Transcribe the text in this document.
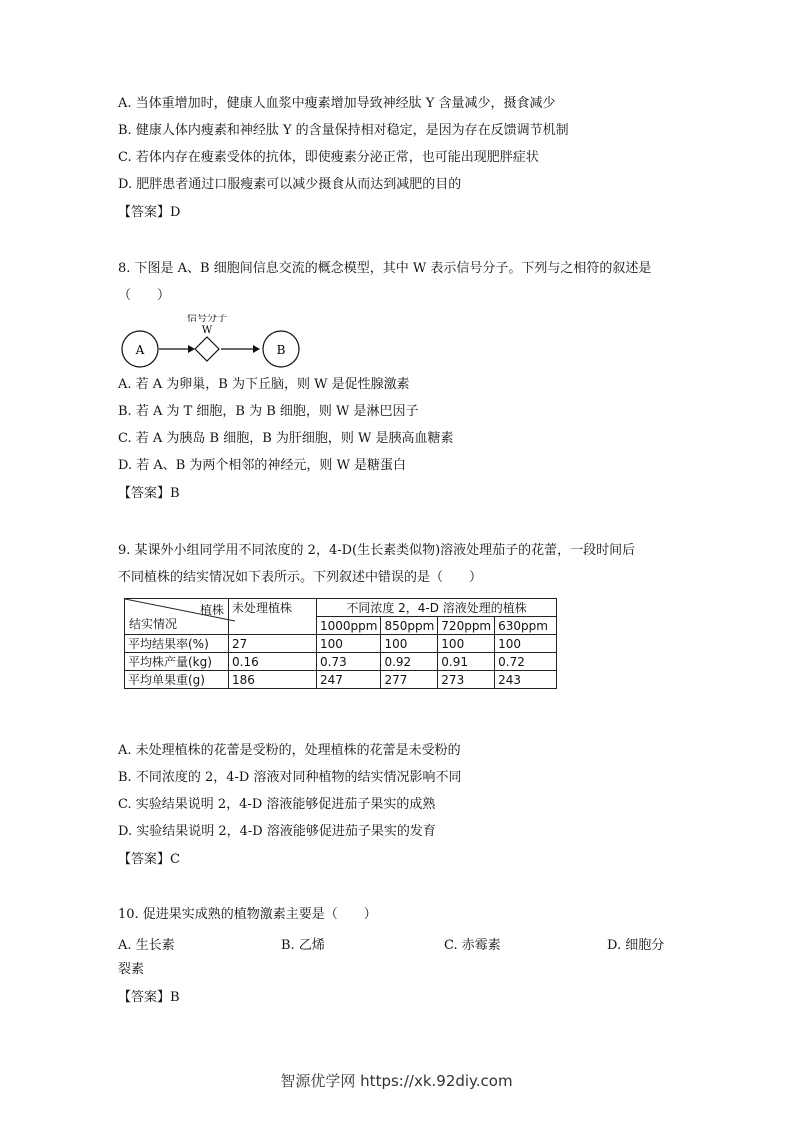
A. 当体重增加时，健康人血浆中瘦素增加导致神经肽 Y 含量减少，摄食减少
B. 健康人体内瘦素和神经肽 Y 的含量保持相对稳定，是因为存在反馈调节机制
C. 若体内存在瘦素受体的抗体，即使瘦素分泌正常，也可能出现肥胖症状
D. 肥胖患者通过口服瘦素可以减少摄食从而达到减肥的目的
【答案】D
8. 下图是 A、B 细胞间信息交流的概念模型，其中 W 表示信号分子。下列与之相符的叙述是
（　　）
A
信号分子
W
B
A. 若 A 为卵巢，B 为下丘脑，则 W 是促性腺激素
B. 若 A 为 T 细胞，B 为 B 细胞，则 W 是淋巴因子
C. 若 A 为胰岛 B 细胞，B 为肝细胞，则 W 是胰高血糖素
D. 若 A、B 为两个相邻的神经元，则 W 是糖蛋白
【答案】B
9. 某课外小组同学用不同浓度的 2，4-D(生长素类似物)溶液处理茄子的花蕾，一段时间后
不同植株的结实情况如下表所示。下列叙述中错误的是（　　）
植株
结实情况	未处理植株	不同浓度 2，4-D 溶液处理的植株			
		1000ppm	850ppm	720ppm	630ppm
平均结果率(%)	27	100	100	100	100
平均株产量(kg)	0.16	0.73	0.92	0.91	0.72
平均单果重(g)	186	247	277	273	243
A. 未处理植株的花蕾是受粉的，处理植株的花蕾是未受粉的
B. 不同浓度的 2，4-D 溶液对同种植物的结实情况影响不同
C. 实验结果说明 2，4-D 溶液能够促进茄子果实的成熟
D. 实验结果说明 2，4-D 溶液能够促进茄子果实的发育
【答案】C
10. 促进果实成熟的植物激素主要是（　　）
A. 生长素	B. 乙烯	C. 赤霉素	D. 细胞分
裂素
【答案】B
智源优学网 https://xk.92diy.com
